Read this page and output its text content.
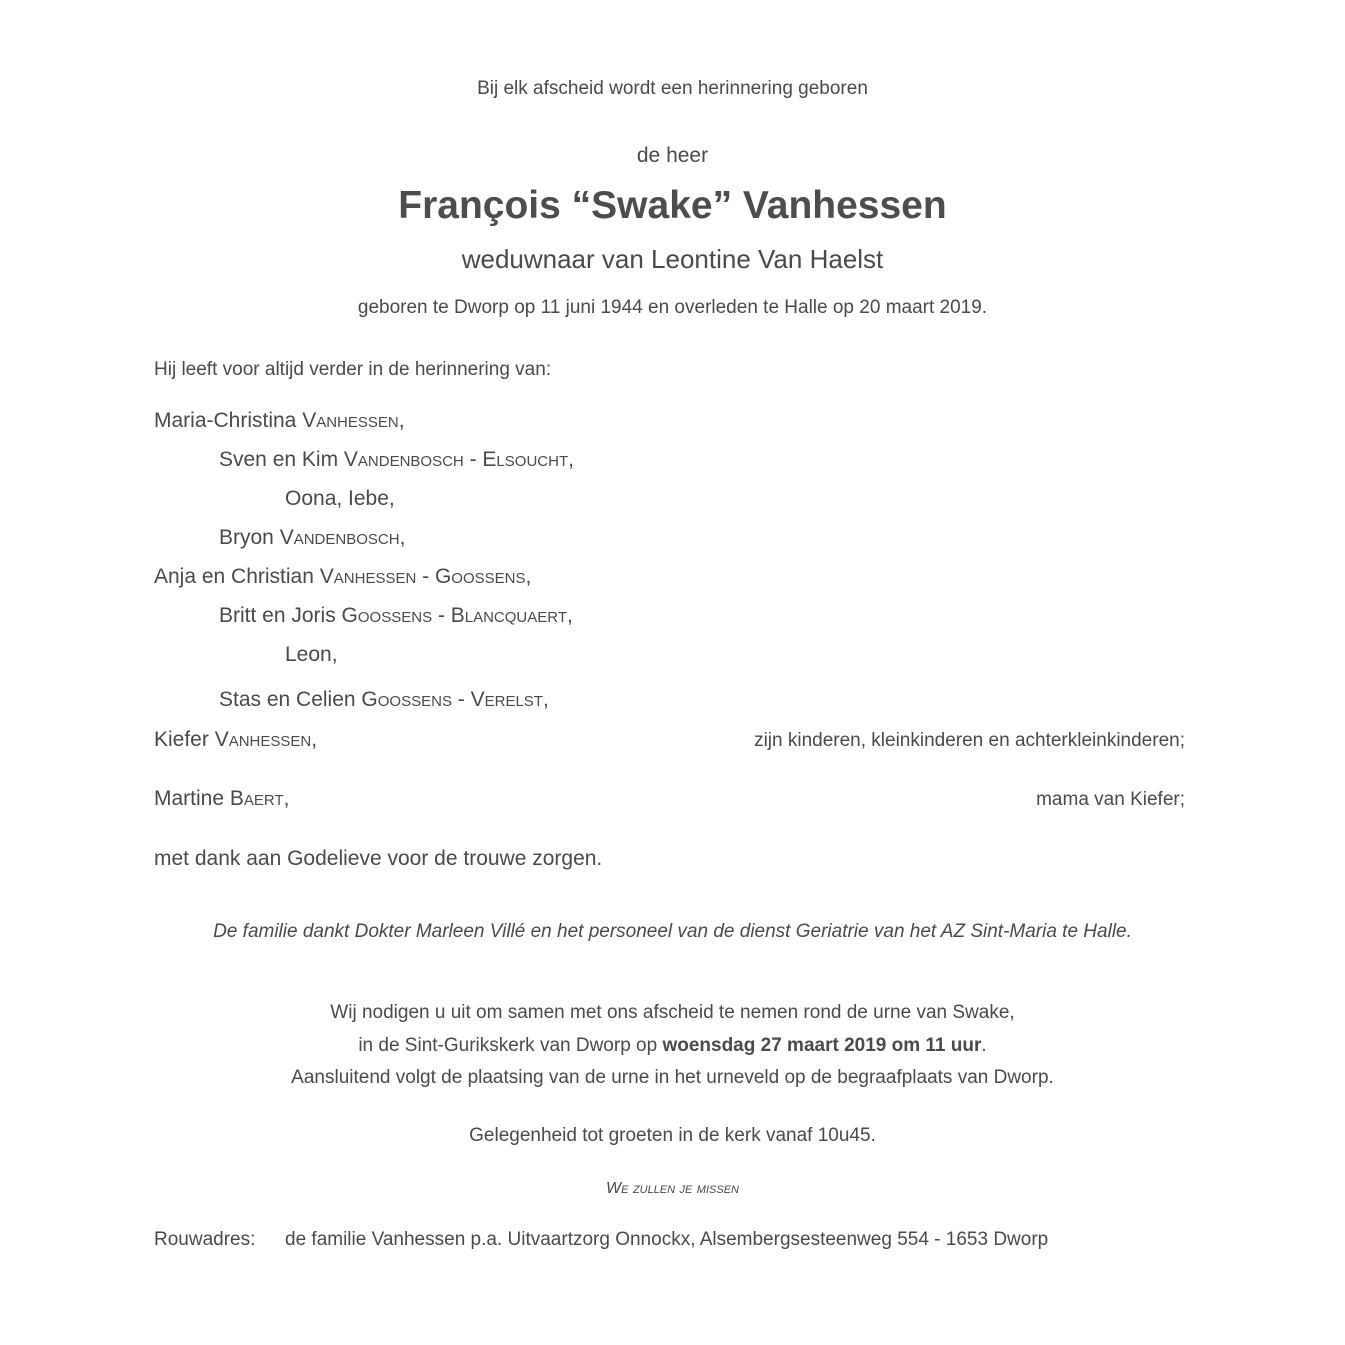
Bij elk afscheid wordt een herinnering geboren
de heer
François “Swake” Vanhessen
weduwnaar van Leontine Van Haelst
geboren te Dworp op 11 juni 1944 en overleden te Halle op 20 maart 2019.
Hij leeft voor altijd verder in de herinnering van:
Maria-Christina Vanhessen,
Sven en Kim Vandenbosch - Elsoucht,
Oona, Iebe,
Bryon Vandenbosch,
Anja en Christian Vanhessen - Goossens,
Britt en Joris Goossens - Blancquaert,
Leon,
Stas en Celien Goossens - Verelst,
Kiefer Vanhessen,	zijn kinderen, kleinkinderen en achterkleinkinderen;
Martine Baert,	mama van Kiefer;
met dank aan Godelieve voor de trouwe zorgen.
De familie dankt Dokter Marleen Villé en het personeel van de dienst Geriatrie van het AZ Sint-Maria te Halle.
Wij nodigen u uit om samen met ons afscheid te nemen rond de urne van Swake,
in de Sint-Gurikskerk van Dworp op woensdag 27 maart 2019 om 11 uur.
Aansluitend volgt de plaatsing van de urne in het urneveld op de begraafplaats van Dworp.
Gelegenheid tot groeten in de kerk vanaf 10u45.
We zullen je missen
Rouwadres: de familie Vanhessen p.a. Uitvaartzorg Onnockx, Alsembergsesteenweg 554 - 1653 Dworp
